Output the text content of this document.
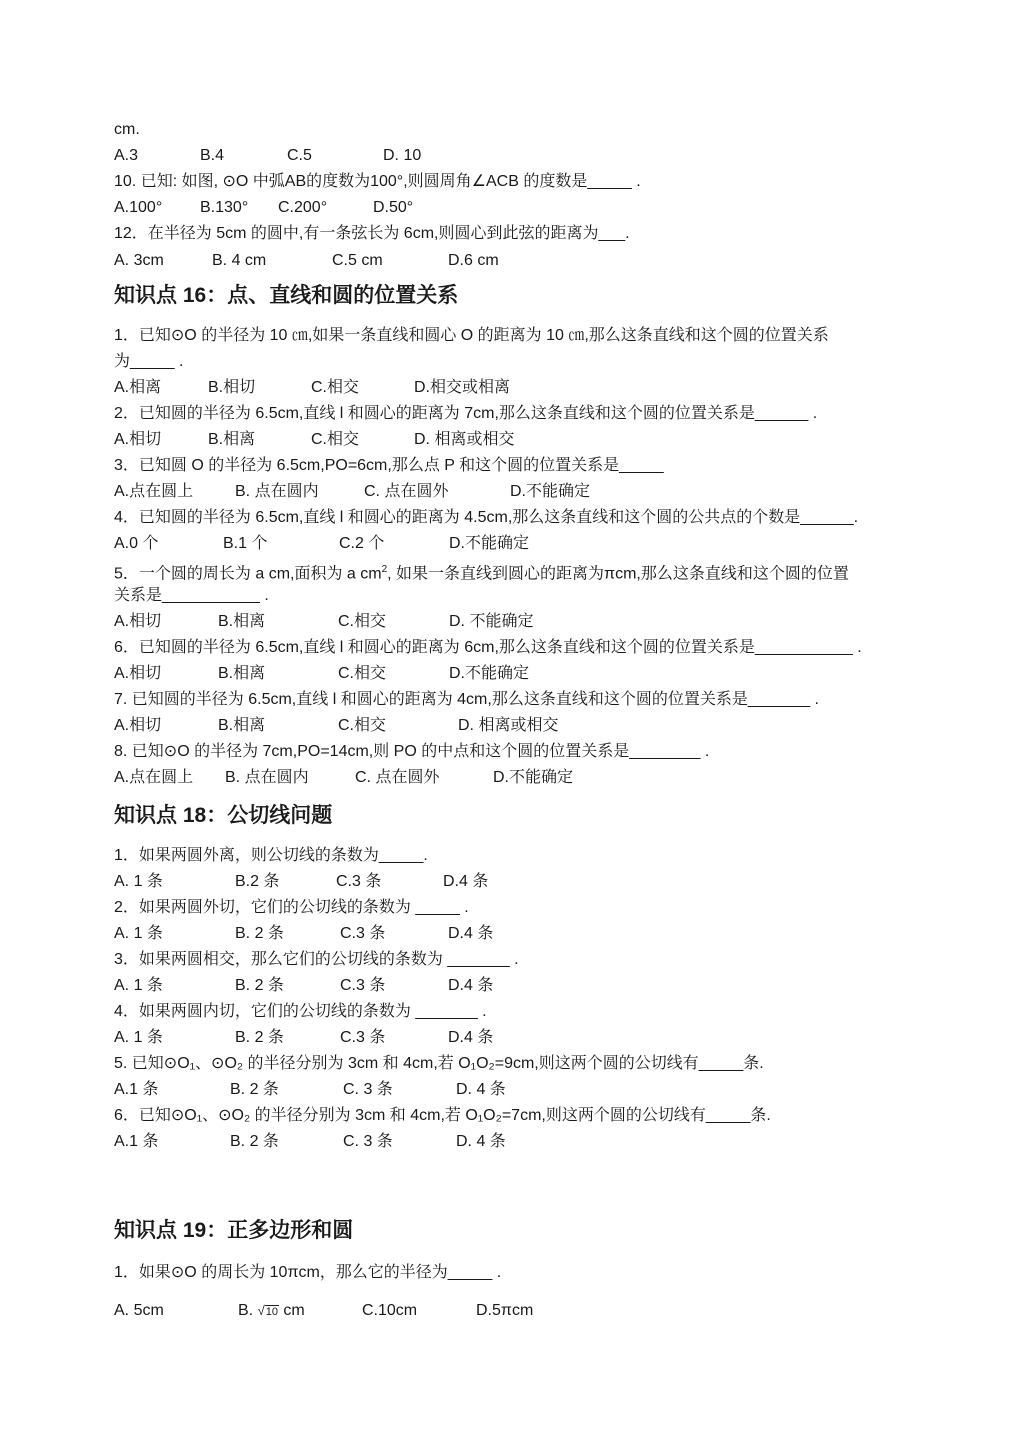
cm.
A.3	B.4	C.5	D. 10
10. 已知: 如图, ⊙O 中弧AB的度数为100°,则圆周角∠ACB 的度数是_____ .
A.100° B.130° C.200°	D.50°
12．在半径为 5cm 的圆中,有一条弦长为 6cm,则圆心到此弦的距离为___.
A. 3cm	B. 4 cm	C.5 cm	D.6 cm
知识点 16：点、直线和圆的位置关系
1．已知⊙O 的半径为 10 ㎝,如果一条直线和圆心 O 的距离为 10 ㎝,那么这条直线和这个圆的位置关系
为_____ .
A.相离	B.相切	C.相交	D.相交或相离
2．已知圆的半径为 6.5cm,直线 l 和圆心的距离为 7cm,那么这条直线和这个圆的位置关系是______ .
A.相切	B.相离	C.相交	D. 相离或相交
3．已知圆 O 的半径为 6.5cm,PO=6cm,那么点 P 和这个圆的位置关系是_____
A.点在圆上	B. 点在圆内	C. 点在圆外	D.不能确定
4．已知圆的半径为 6.5cm,直线 l 和圆心的距离为 4.5cm,那么这条直线和这个圆的公共点的个数是______.
A.0 个	B.1 个	C.2 个	D.不能确定
5．一个圆的周长为 a cm,面积为 a $cm^2$, 如果一条直线到圆心的距离为πcm,那么这条直线和这个圆的位置
关系是___________ .
A.相切	B.相离	C.相交	D. 不能确定
6．已知圆的半径为 6.5cm,直线 l 和圆心的距离为 6cm,那么这条直线和这个圆的位置关系是___________ .
A.相切	B.相离	C.相交	D.不能确定
7. 已知圆的半径为 6.5cm,直线 l 和圆心的距离为 4cm,那么这条直线和这个圆的位置关系是_______ .
A.相切	B.相离	C.相交	D. 相离或相交
8. 已知⊙O 的半径为 7cm,PO=14cm,则 PO 的中点和这个圆的位置关系是________ .
A.点在圆上 B. 点在圆内	C. 点在圆外	D.不能确定
知识点 18：公切线问题
1．如果两圆外离，则公切线的条数为_____.
A. 1 条	B.2 条	C.3 条	D.4 条
2．如果两圆外切，它们的公切线的条数为 _____ .
A. 1 条	B. 2 条	C.3 条	D.4 条
3．如果两圆相交，那么它们的公切线的条数为 _______ .
A. 1 条	B. 2 条	C.3 条	D.4 条
4．如果两圆内切，它们的公切线的条数为 _______ .
A. 1 条	B. 2 条	C.3 条	D.4 条
5. 已知⊙O₁、⊙O₂ 的半径分别为 3cm 和 4cm,若 O₁O₂=9cm,则这两个圆的公切线有_____条.
A.1 条	B. 2 条	C. 3 条	D. 4 条
6．已知⊙O₁、⊙O₂ 的半径分别为 3cm 和 4cm,若 O₁O₂=7cm,则这两个圆的公切线有_____条.
A.1 条	B. 2 条	C. 3 条	D. 4 条
知识点 19：正多边形和圆
1．如果⊙O 的周长为 10πcm，那么它的半径为_____ .
A. 5cm	B. √10 cm	C.10cm	D.5πcm
